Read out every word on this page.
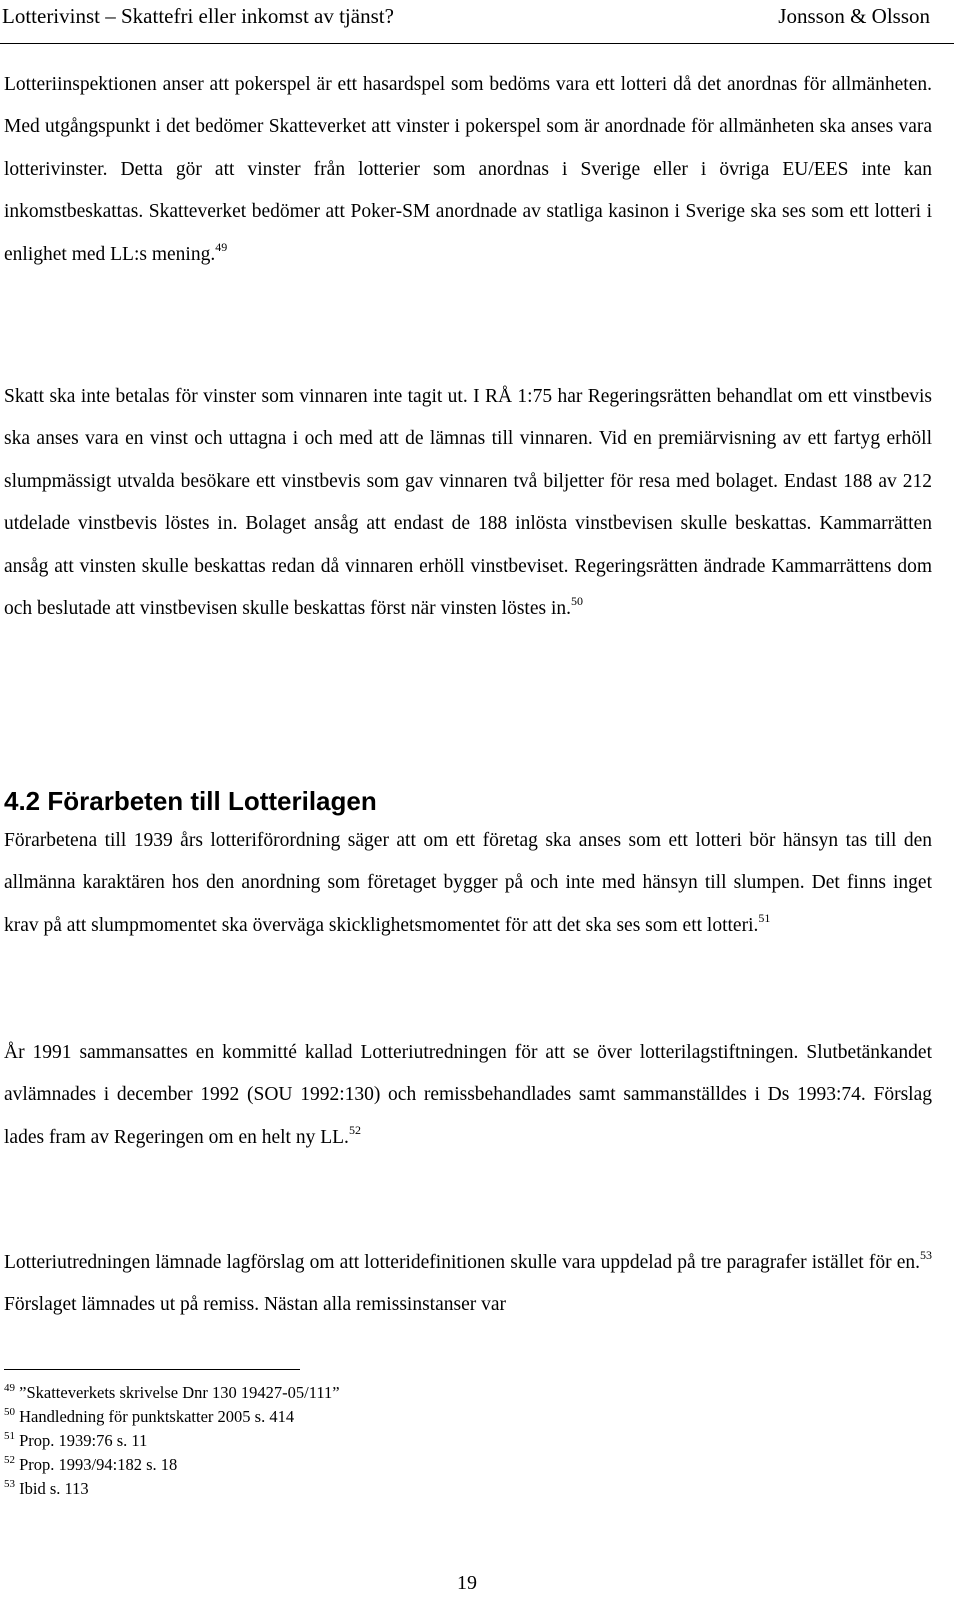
Lotterivinst – Skattefri eller inkomst av tjänst?	Jonsson & Olsson

Lotteriinspektionen anser att pokerspel är ett hasardspel som bedöms vara ett lotteri då det anordnas för allmänheten. Med utgångspunkt i det bedömer Skatteverket att vinster i pokerspel som är anordnade för allmänheten ska anses vara lotterivinster. Detta gör att vinster från lotterier som anordnas i Sverige eller i övriga EU/EES inte kan inkomstbeskattas. Skatteverket bedömer att Poker-SM anordnade av statliga kasinon i Sverige ska ses som ett lotteri i enlighet med LL:s mening.$^{49}$

Skatt ska inte betalas för vinster som vinnaren inte tagit ut. I RÅ 1:75 har Regeringsrätten behandlat om ett vinstbevis ska anses vara en vinst och uttagna i och med att de lämnas till vinnaren. Vid en premiärvisning av ett fartyg erhöll slumpmässigt utvalda besökare ett vinstbevis som gav vinnaren två biljetter för resa med bolaget. Endast 188 av 212 utdelade vinstbevis löstes in. Bolaget ansåg att endast de 188 inlösta vinstbevisen skulle beskattas. Kammarrätten ansåg att vinsten skulle beskattas redan då vinnaren erhöll vinstbeviset. Regeringsrätten ändrade Kammarrättens dom och beslutade att vinstbevisen skulle beskattas först när vinsten löstes in.$^{50}$

4.2 Förarbeten till Lotterilagen

Förarbetena till 1939 års lotteriförordning säger att om ett företag ska anses som ett lotteri bör hänsyn tas till den allmänna karaktären hos den anordning som företaget bygger på och inte med hänsyn till slumpen. Det finns inget krav på att slumpmomentet ska överväga skicklighetsmomentet för att det ska ses som ett lotteri.$^{51}$

År 1991 sammansattes en kommitté kallad Lotteriutredningen för att se över lotterilagstiftningen. Slutbetänkandet avlämnades i december 1992 (SOU 1992:130) och remissbehandlades samt sammanställdes i Ds 1993:74. Förslag lades fram av Regeringen om en helt ny LL.$^{52}$

Lotteriutredningen lämnade lagförslag om att lotteridefinitionen skulle vara uppdelad på tre paragrafer istället för en.$^{53}$ Förslaget lämnades ut på remiss. Nästan alla remissinstanser var

$^{49}$ ”Skatteverkets skrivelse Dnr 130 19427-05/111”
$^{50}$ Handledning för punktskatter 2005 s. 414
$^{51}$ Prop. 1939:76 s. 11
$^{52}$ Prop. 1993/94:182 s. 18
$^{53}$ Ibid s. 113
19
